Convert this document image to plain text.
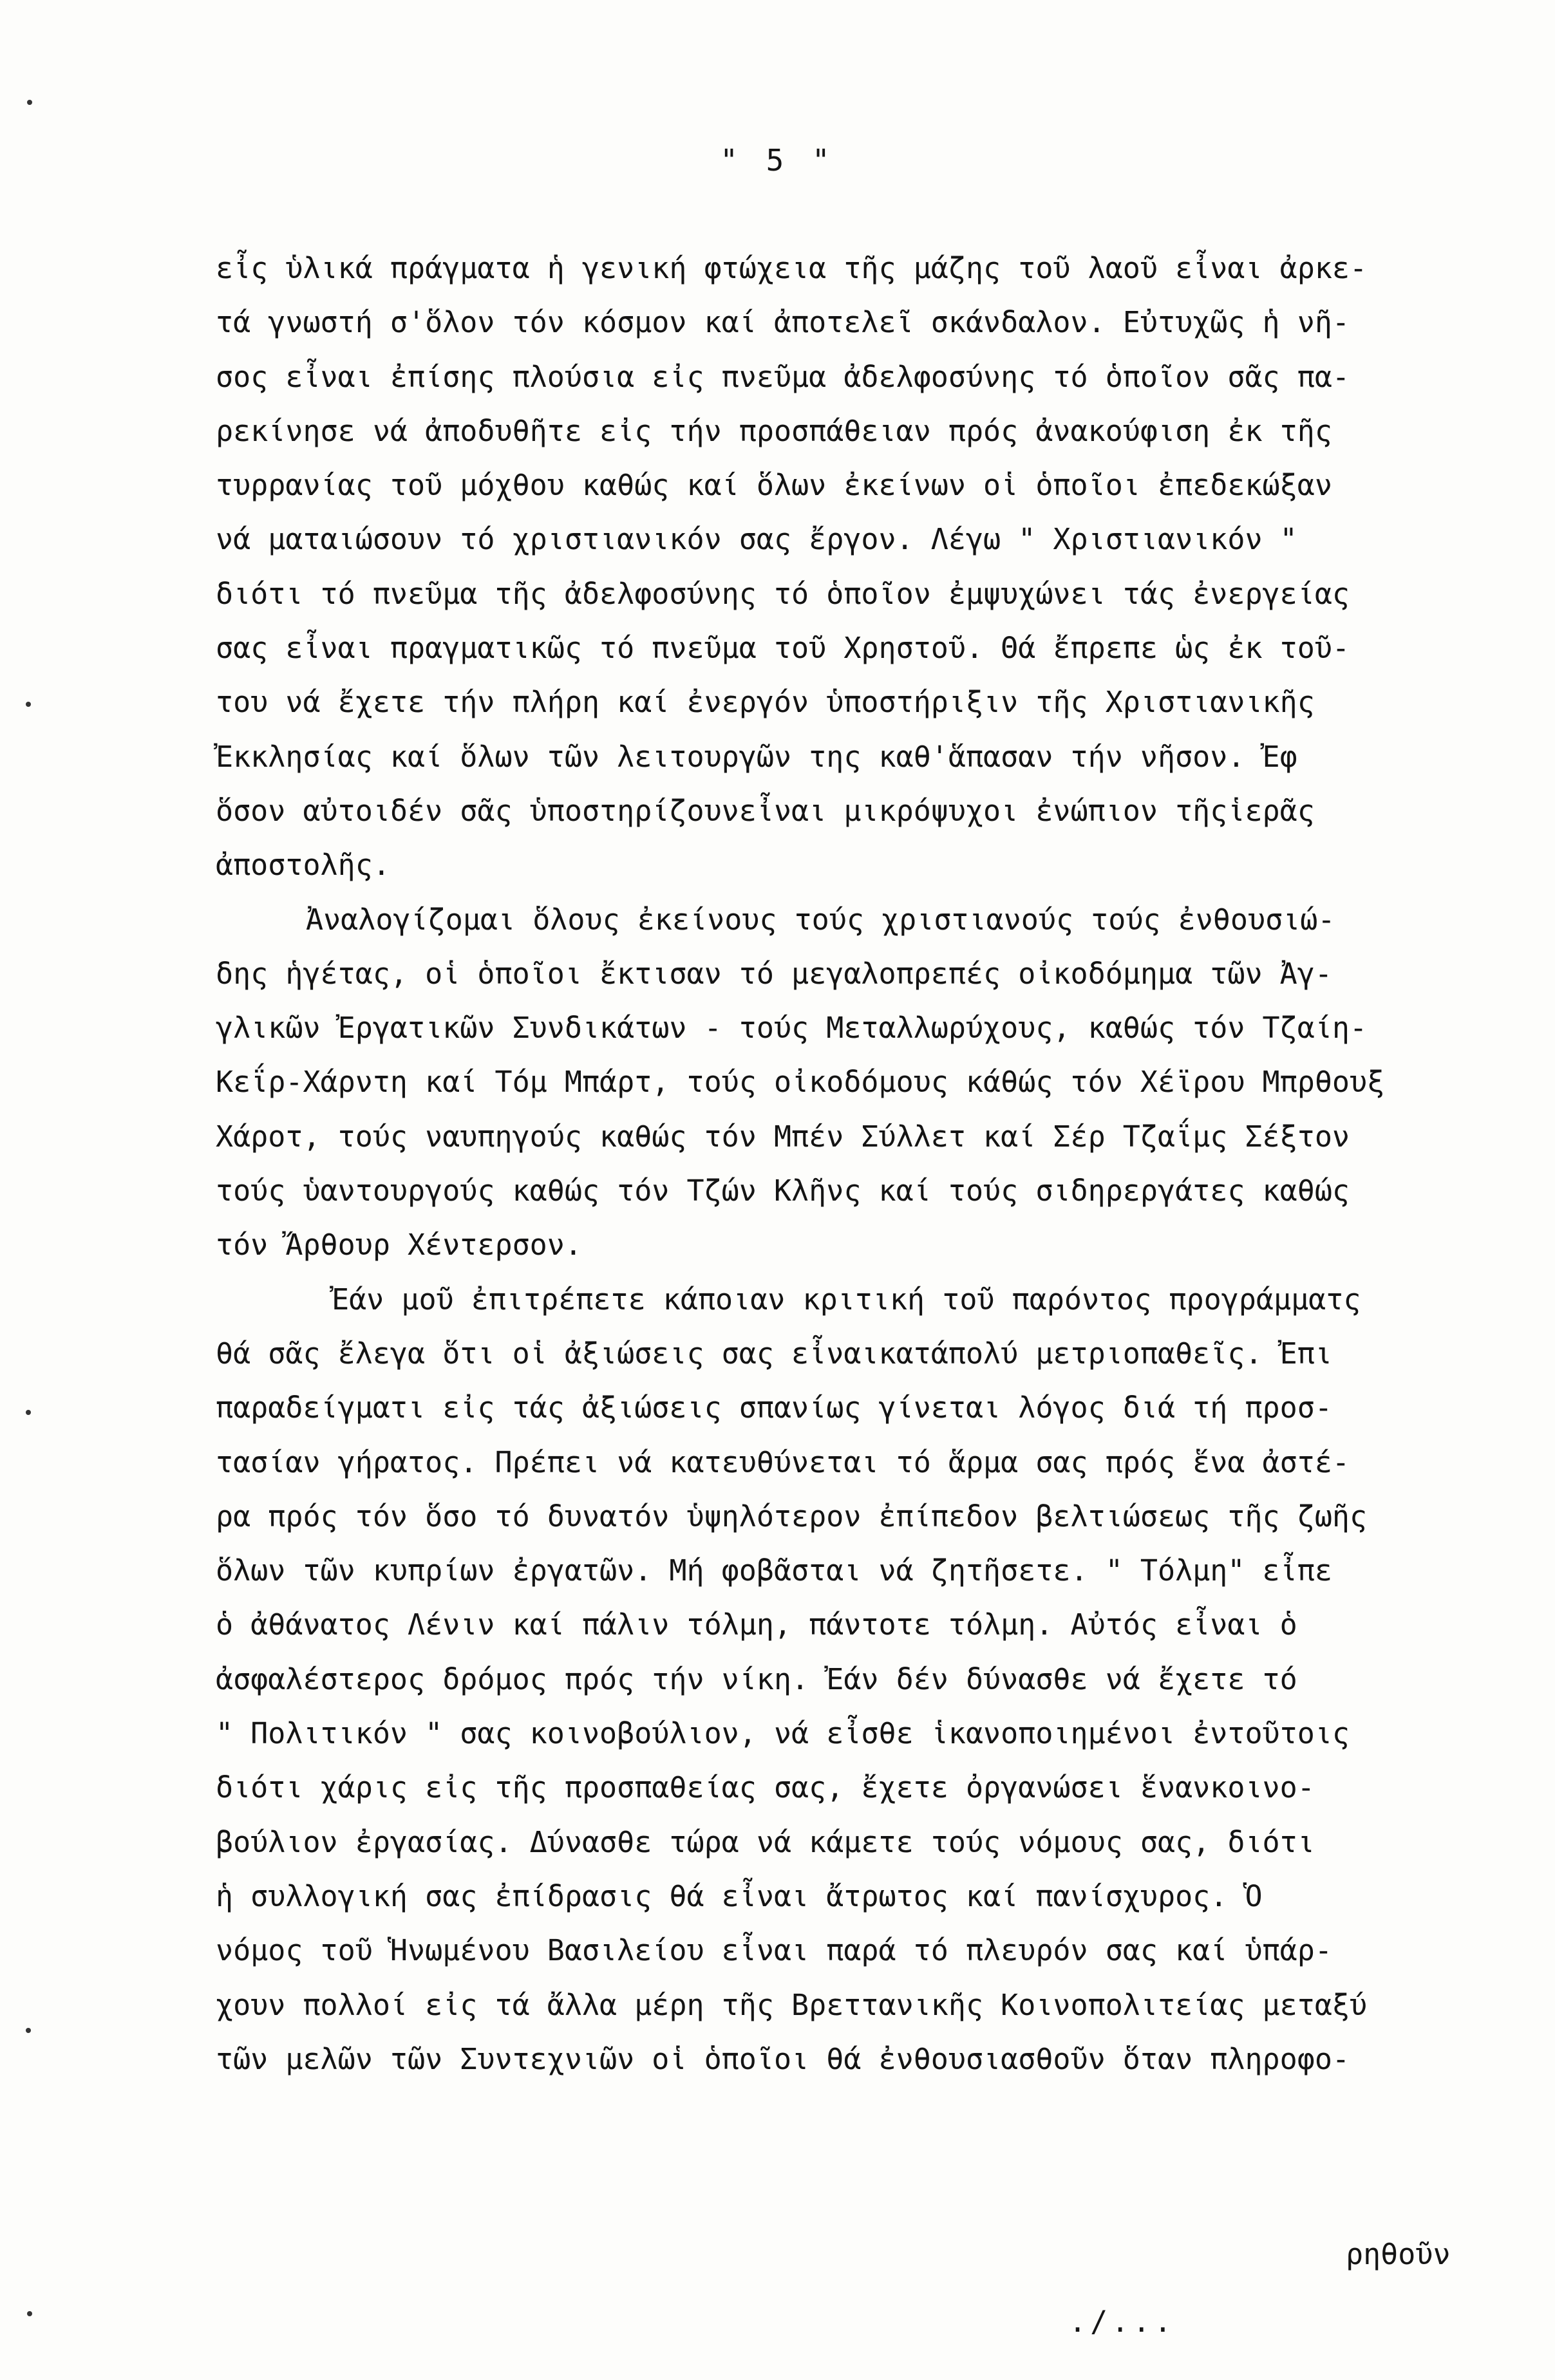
" 5 "
εἶς ὑλικά πράγματα ἡ γενική φτώχεια τῆς μάζης τοῦ λαοῦ εἶναι ἀρκε-
τά γνωστή σ'ὅλον τόν κόσμον καί ἀποτελεῖ σκάνδαλον. Εὐτυχῶς ἡ νῆ-
σος εἶναι ἐπίσης πλούσια εἰς πνεῦμα ἀδελφοσύνης τό ὁποῖον σᾶς πα-
ρεκίνησε νά ἀποδυθῆτε εἰς τήν προσπάθειαν πρός ἀνακούφιση ἐκ τῆς
τυρρανίας τοῦ μόχθου καθώς καί ὅλων ἐκείνων οἱ ὁποῖοι ἐπεδεκώξαν
νά ματαιώσουν τό χριστιανικόν σας ἔργον. Λέγω " Χριστιανικόν "
διότι τό πνεῦμα τῆς ἀδελφοσύνης τό ὁποῖον ἐμψυχώνει τάς ἐνεργείας
σας εἶναι πραγματικῶς τό πνεῦμα τοῦ Χρηστοῦ. Θά ἔπρεπε ὡς ἐκ τοῦ-
του νά ἔχετε τήν πλήρη καί ἐνεργόν ὑποστήριξιν τῆς Χριστιανικῆς
Ἐκκλησίας καί ὅλων τῶν λειτουργῶν της καθ'ἅπασαν τήν νῆσον. Ἐφ
ὅσον αὐτοιδέν σᾶς ὑποστηρίζουνεἶναι μικρόψυχοι ἐνώπιον τῆςἱερᾶς
ἀποστολῆς.
Ἀναλογίζομαι ὅλους ἐκείνους τούς χριστιανούς τούς ἐνθουσιώ-
δης ἡγέτας, οἱ ὁποῖοι ἔκτισαν τό μεγαλοπρεπές οἰκοδόμημα τῶν Ἀγ-
γλικῶν Ἐργατικῶν Συνδικάτων - τούς Μεταλλωρύχους, καθώς τόν Τζαίη-
Κεΐρ-Χάρντη καί Τόμ Μπάρτ, τούς οἰκοδόμους κάθώς τόν Χέϊρου Μπρθουξ
Χάροτ, τούς ναυπηγούς καθώς τόν Μπέν Σύλλετ καί Σέρ Τζαΐμς Σέξτον
τούς ὑαντουργούς καθώς τόν Τζών Κλῆνς καί τούς σιδηρεργάτες καθώς
τόν Ἄρθουρ Χέντερσον.
Ἐάν μοῦ ἐπιτρέπετε κάποιαν κριτική τοῦ παρόντος προγράμματς
θά σᾶς ἔλεγα ὅτι οἱ ἀξιώσεις σας εἶναικατάπολύ μετριοπαθεῖς. Ἐπι
παραδείγματι εἰς τάς ἀξιώσεις σπανίως γίνεται λόγος διά τή προσ-
τασίαν γήρατος. Πρέπει νά κατευθύνεται τό ἅρμα σας πρός ἕνα ἀστέ-
ρα πρός τόν ὅσο τό δυνατόν ὑψηλότερον ἐπίπεδον βελτιώσεως τῆς ζωῆς
ὅλων τῶν κυπρίων ἐργατῶν. Μή φοβᾶσται νά ζητῆσετε. " Τόλμη" εἶπε
ὁ ἀθάνατος Λένιν καί πάλιν τόλμη, πάντοτε τόλμη. Αὐτός εἶναι ὁ
ἀσφαλέστερος δρόμος πρός τήν νίκη. Ἐάν δέν δύνασθε νά ἔχετε τό
" Πολιτικόν " σας κοινοβούλιον, νά εἶσθε ἱκανοποιημένοι ἐντοῦτοις
διότι χάρις εἰς τῆς προσπαθείας σας, ἔχετε ὀργανώσει ἕνανκοινο-
βούλιον ἐργασίας. Δύνασθε τώρα νά κάμετε τούς νόμους σας, διότι
ἡ συλλογική σας ἐπίδρασις θά εἶναι ἄτρωτος καί πανίσχυρος. Ὁ
νόμος τοῦ Ἡνωμένου Βασιλείου εἶναι παρά τό πλευρόν σας καί ὑπάρ-
χουν πολλοί εἰς τά ἄλλα μέρη τῆς Βρεττανικῆς Κοινοπολιτείας μεταξύ
τῶν μελῶν τῶν Συντεχνιῶν οἱ ὁποῖοι θά ἐνθουσιασθοῦν ὅταν πληροφο-
ρηθοῦν
./...
